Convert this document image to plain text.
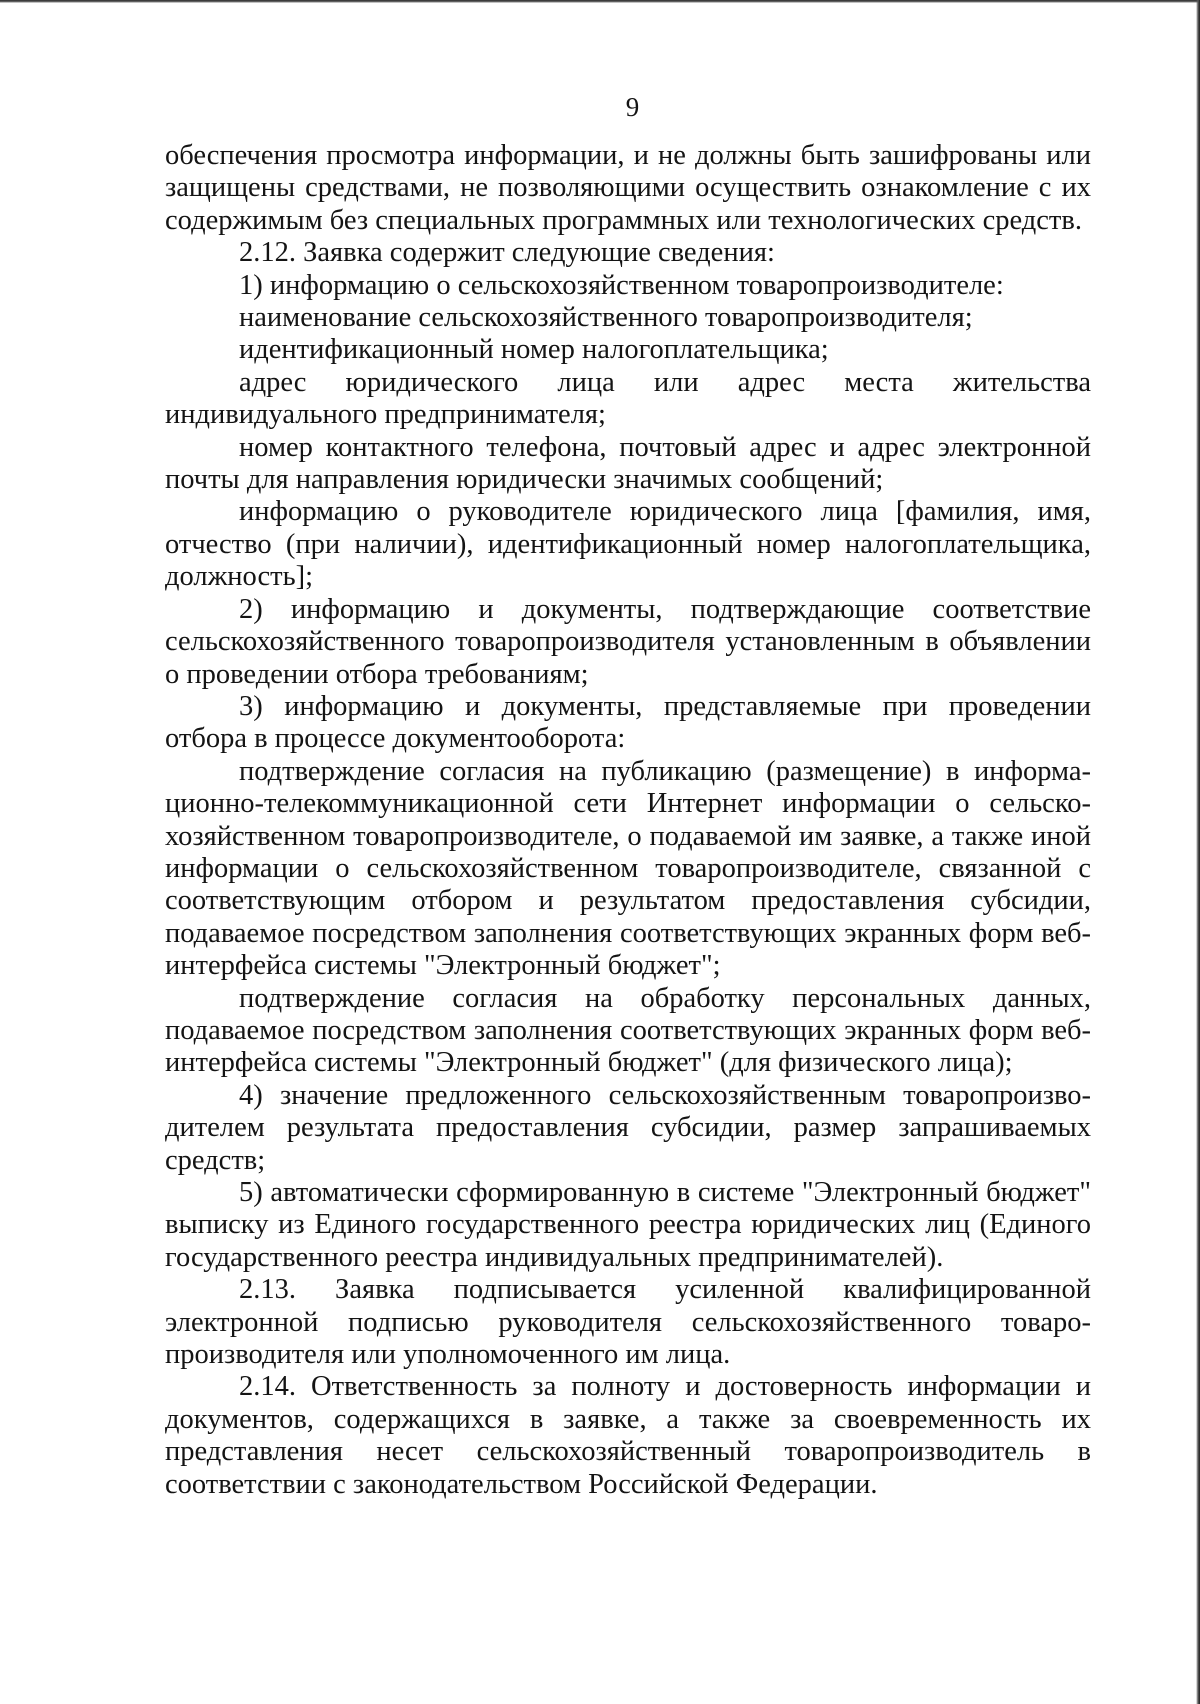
9

обеспечения просмотра информации, и не должны быть зашифрованы или защищены средствами, не позволяющими осуществить ознакомление с их содержимым без специальных программных или технологических средств.

2.12. Заявка содержит следующие сведения:

1) информацию о сельскохозяйственном товаропроизводителе:

наименование сельскохозяйственного товаропроизводителя;

идентификационный номер налогоплательщика;

адрес юридического лица или адрес места жительства индивидуального предпринимателя;

номер контактного телефона, почтовый адрес и адрес электронной почты для направления юридически значимых сообщений;

информацию о руководителе юридического лица [фамилия, имя, отчество (при наличии), идентификационный номер налогоплательщика, должность];

2) информацию и документы, подтверждающие соответствие сельскохозяйственного товаропроизводителя установленным в объявлении о проведении отбора требованиям;

3) информацию и документы, представляемые при проведении отбора в процессе документооборота:

подтверждение согласия на публикацию (размещение) в информационно-телекоммуникационной сети Интернет информации о сельскохозяйственном товаропроизводителе, о подаваемой им заявке, а также иной информации о сельскохозяйственном товаропроизводителе, связанной с соответствующим отбором и результатом предоставления субсидии, подаваемое посредством заполнения соответствующих экранных форм веб-интерфейса системы "Электронный бюджет";

подтверждение согласия на обработку персональных данных, подаваемое посредством заполнения соответствующих экранных форм веб-интерфейса системы "Электронный бюджет" (для физического лица);

4) значение предложенного сельскохозяйственным товаропроизводителем результата предоставления субсидии, размер запрашиваемых средств;

5) автоматически сформированную в системе "Электронный бюджет" выписку из Единого государственного реестра юридических лиц (Единого государственного реестра индивидуальных предпринимателей).

2.13. Заявка подписывается усиленной квалифицированной электронной подписью руководителя сельскохозяйственного товаропроизводителя или уполномоченного им лица.

2.14. Ответственность за полноту и достоверность информации и документов, содержащихся в заявке, а также за своевременность их представления несет сельскохозяйственный товаропроизводитель в соответствии с законодательством Российской Федерации.
